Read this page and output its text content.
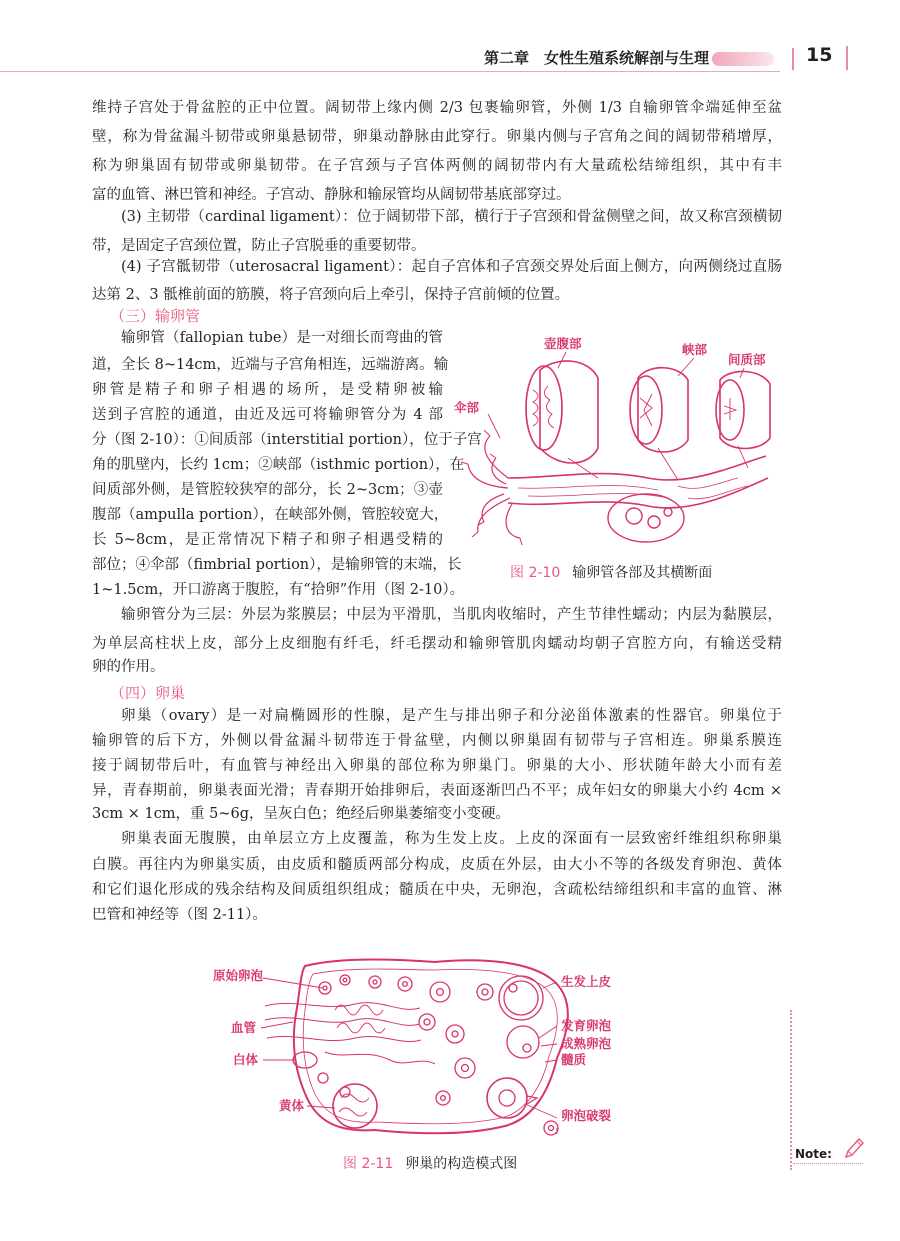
第二章　女性生殖系统解剖与生理	15
维持子宫处于骨盆腔的正中位置。阔韧带上缘内侧 2/3 包裹输卵管，外侧 1/3 自输卵管伞端延伸至盆
壁，称为骨盆漏斗韧带或卵巢悬韧带，卵巢动静脉由此穿行。卵巢内侧与子宫角之间的阔韧带稍增厚，
称为卵巢固有韧带或卵巢韧带。在子宫颈与子宫体两侧的阔韧带内有大量疏松结缔组织，其中有丰
富的血管、淋巴管和神经。子宫动、静脉和输尿管均从阔韧带基底部穿过。
(3) 主韧带（cardinal ligament）：位于阔韧带下部，横行于子宫颈和骨盆侧壁之间，故又称宫颈横韧
带，是固定子宫颈位置，防止子宫脱垂的重要韧带。
(4) 子宫骶韧带（uterosacral ligament）：起自子宫体和子宫颈交界处后面上侧方，向两侧绕过直肠
达第 2、3 骶椎前面的筋膜，将子宫颈向后上牵引，保持子宫前倾的位置。
（三）输卵管
输卵管（fallopian tube）是一对细长而弯曲的管
道，全长 8~14cm，近端与子宫角相连，远端游离。输
卵管是精子和卵子相遇的场所，是受精卵被输
送到子宫腔的通道，由近及远可将输卵管分为 4 部
分（图 2-10）：①间质部（interstitial portion），位于子宫
角的肌壁内，长约 1cm；②峡部（isthmic portion），在
间质部外侧，是管腔较狭窄的部分，长 2~3cm；③壶
腹部（ampulla portion），在峡部外侧，管腔较宽大，
长 5~8cm，是正常情况下精子和卵子相遇受精的
部位；④伞部（fimbrial portion），是输卵管的末端，长
1~1.5cm，开口游离于腹腔，有“拾卵”作用（图 2-10）。
壶腹部	峡部
间质部
伞部
图 2-10 输卵管各部及其横断面
输卵管分为三层：外层为浆膜层；中层为平滑肌，当肌肉收缩时，产生节律性蠕动；内层为黏膜层，
为单层高柱状上皮，部分上皮细胞有纤毛，纤毛摆动和输卵管肌肉蠕动均朝子宫腔方向，有输送受精
卵的作用。
（四）卵巢
卵巢（ovary）是一对扁椭圆形的性腺，是产生与排出卵子和分泌甾体激素的性器官。卵巢位于
输卵管的后下方，外侧以骨盆漏斗韧带连于骨盆壁，内侧以卵巢固有韧带与子宫相连。卵巢系膜连
接于阔韧带后叶，有血管与神经出入卵巢的部位称为卵巢门。卵巢的大小、形状随年龄大小而有差
异，青春期前，卵巢表面光滑；青春期开始排卵后，表面逐渐凹凸不平；成年妇女的卵巢大小约 4cm ×
3cm × 1cm，重 5~6g，呈灰白色；绝经后卵巢萎缩变小变硬。
卵巢表面无腹膜，由单层立方上皮覆盖，称为生发上皮。上皮的深面有一层致密纤维组织称卵巢
白膜。再往内为卵巢实质，由皮质和髓质两部分构成，皮质在外层，由大小不等的各级发育卵泡、黄体
和它们退化形成的残余结构及间质组织组成；髓质在中央，无卵泡，含疏松结缔组织和丰富的血管、淋
巴管和神经等（图 2-11）。
原始卵泡
血管
白体
黄体
生发上皮
发育卵泡
成熟卵泡
髓质
卵泡破裂
图 2-11 卵巢的构造模式图
Note:
